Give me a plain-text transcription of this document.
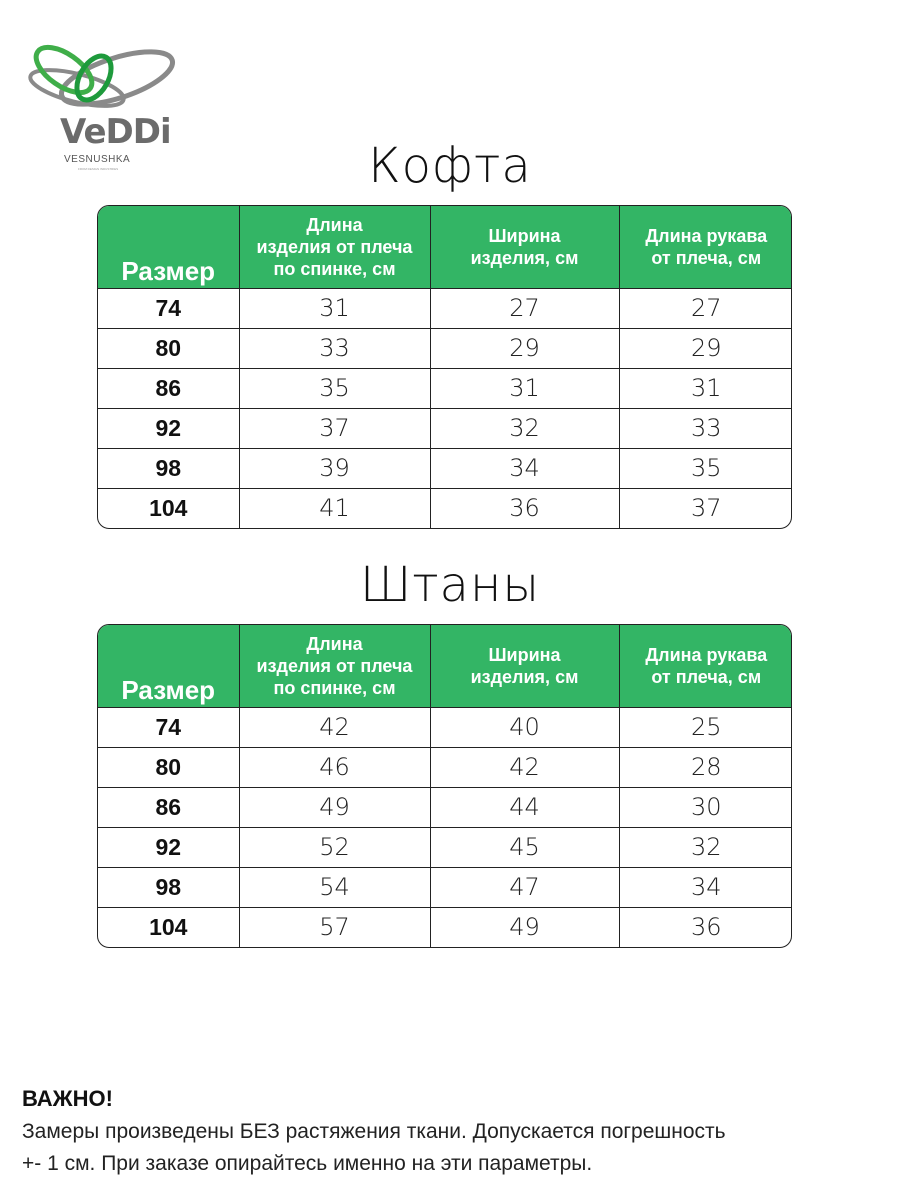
VeDDi
VESNUSHKA
FROM DESIGN INDUSTRIES	Кофта
Размер	Длина
изделия от плеча
по спинке, см	Ширина
изделия, см	Длина рукава
от плеча, см
74	31	27	27
80	33	29	29
86	35	31	31
92	37	32	33
98	39	34	35
104	41	36	37
Штаны
Размер	Длина
изделия от плеча
по спинке, см	Ширина
изделия, см	Длина рукава
от плеча, см
74	42	40	25
80	46	42	28
86	49	44	30
92	52	45	32
98	54	47	34
104	57	49	36
ВАЖНО!
Замеры произведены БЕЗ растяжения ткани. Допускается погрешность
+- 1 см. При заказе опирайтесь именно на эти параметры.
